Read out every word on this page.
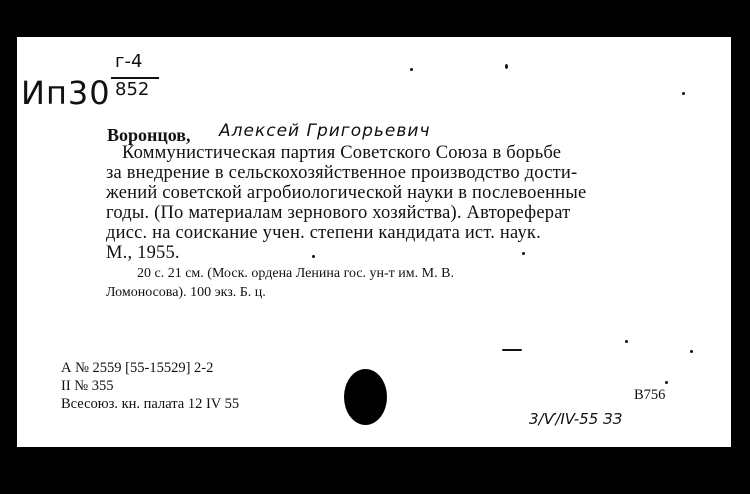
Ип30
г-4
852
Воронцов, Алексей Григорьевич
Коммунистическая партия Советского Союза в борьбе
за внедрение в сельскохозяйственное производство дости-
жений советской агробиологической науки в послевоенные
годы. (По материалам зернового хозяйства). Автореферат
дисс. на соискание учен. степени кандидата ист. наук.
М., 1955.
20 с. 21 см. (Моск. ордена Ленина гос. ун-т им. М. В.
Ломоносова). 100 экз. Б. ц.
А № 2559 [55-15529] 2-2
II № 355
Всесоюз. кн. палата 12 IV 55
В756
3/Ѵ/IV-55 ЗЗ
